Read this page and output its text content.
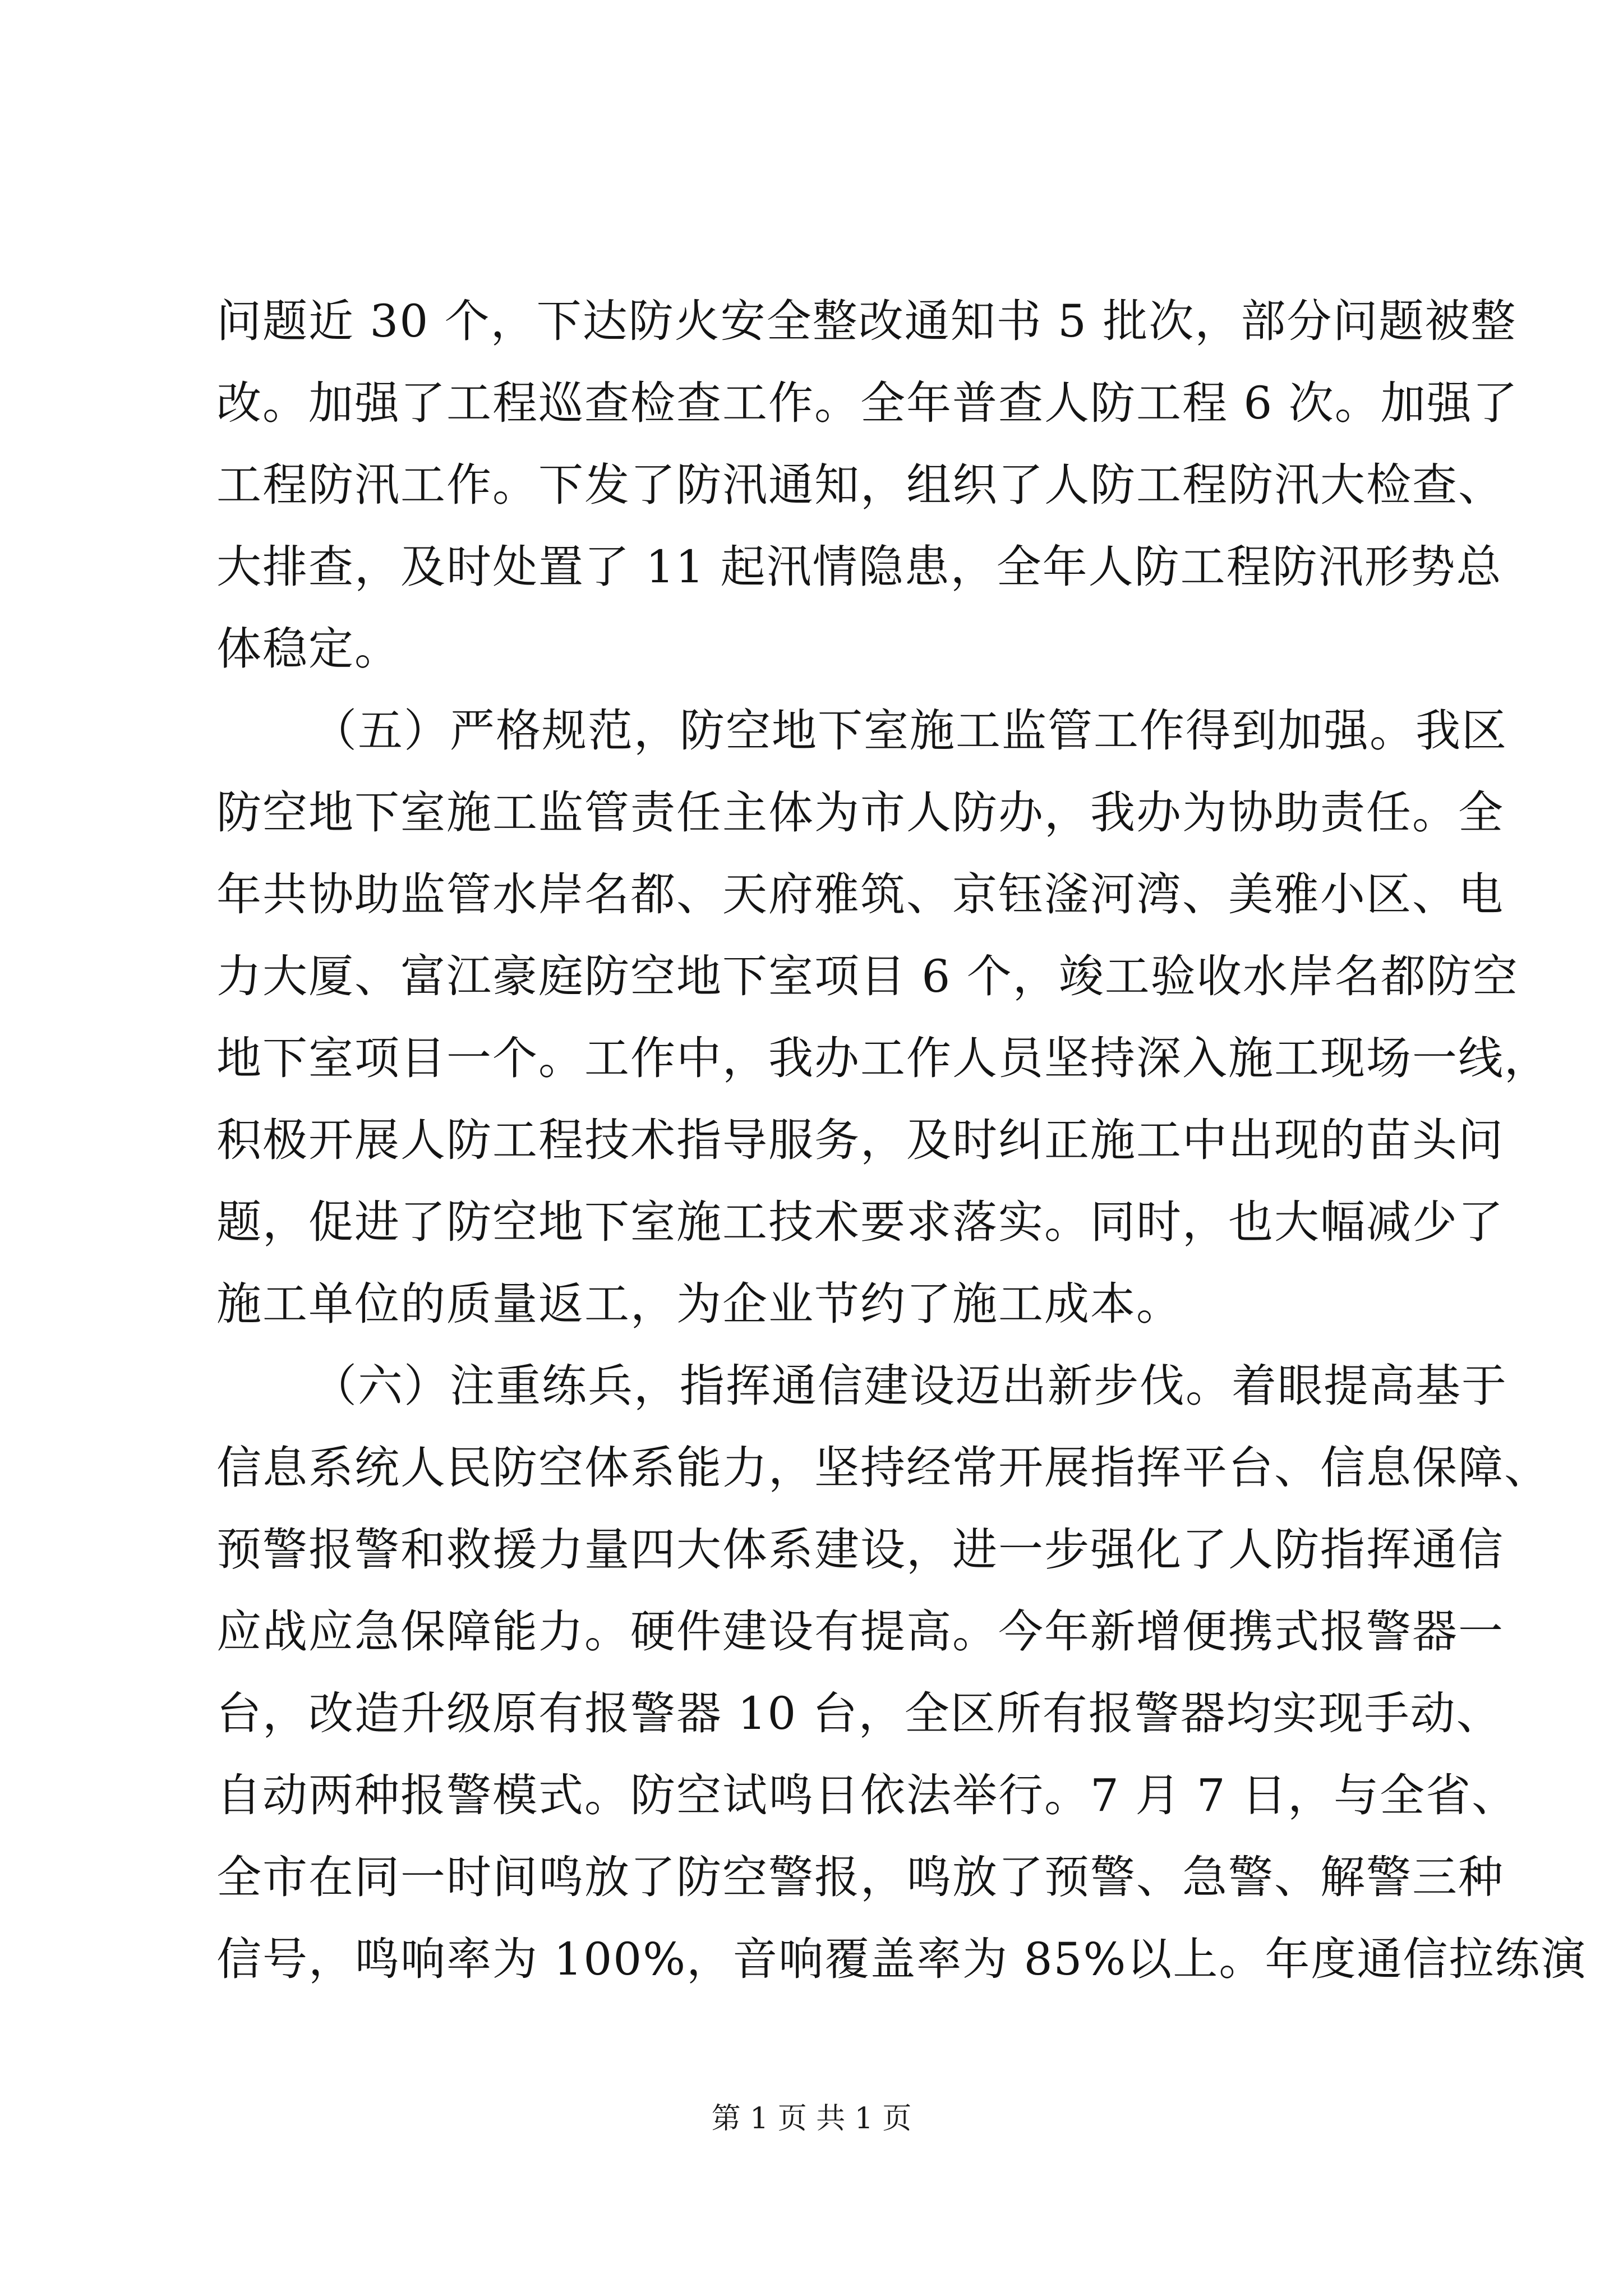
问题近 30 个，下达防火安全整改通知书 5 批次，部分问题被整
改。加强了工程巡查检查工作。全年普查人防工程 6 次。加强了
工程防汛工作。下发了防汛通知，组织了人防工程防汛大检查、
大排查，及时处置了 11 起汛情隐患，全年人防工程防汛形势总
体稳定。
（五）严格规范，防空地下室施工监管工作得到加强。我区
防空地下室施工监管责任主体为市人防办，我办为协助责任。全
年共协助监管水岸名都、天府雅筑、京钰滏河湾、美雅小区、电
力大厦、富江豪庭防空地下室项目 6 个，竣工验收水岸名都防空
地下室项目一个。工作中，我办工作人员坚持深入施工现场一线，
积极开展人防工程技术指导服务，及时纠正施工中出现的苗头问
题，促进了防空地下室施工技术要求落实。同时，也大幅减少了
施工单位的质量返工，为企业节约了施工成本。
（六）注重练兵，指挥通信建设迈出新步伐。着眼提高基于
信息系统人民防空体系能力，坚持经常开展指挥平台、信息保障、
预警报警和救援力量四大体系建设，进一步强化了人防指挥通信
应战应急保障能力。硬件建设有提高。今年新增便携式报警器一
台，改造升级原有报警器 10 台，全区所有报警器均实现手动、
自动两种报警模式。防空试鸣日依法举行。7 月 7 日，与全省、
全市在同一时间鸣放了防空警报，鸣放了预警、急警、解警三种
信号，鸣响率为 100%，音响覆盖率为 85%以上。年度通信拉练演
第 1 页 共 1 页
